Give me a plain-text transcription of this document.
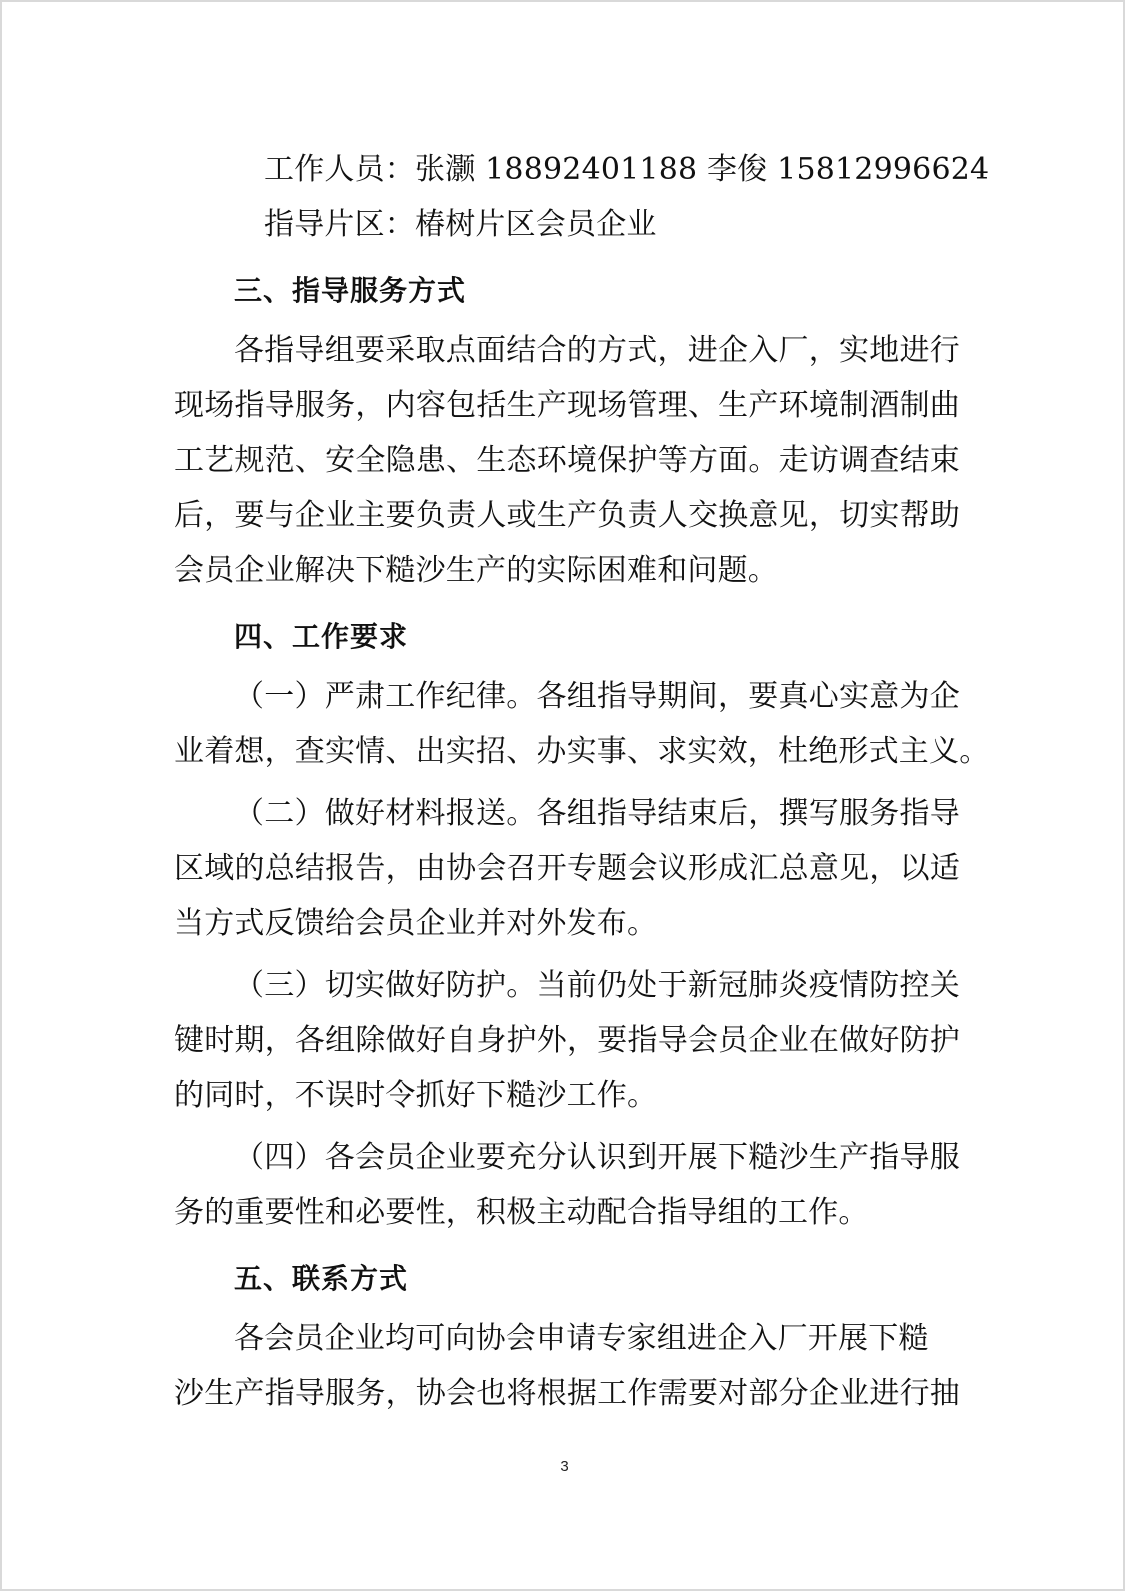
工作人员：张灏 18892401188 李俊 15812996624
指导片区：椿树片区会员企业
三、指导服务方式
各指导组要采取点面结合的方式，进企入厂，实地进行
现场指导服务，内容包括生产现场管理、生产环境制酒制曲
工艺规范、安全隐患、生态环境保护等方面。走访调查结束
后，要与企业主要负责人或生产负责人交换意见，切实帮助
会员企业解决下糙沙生产的实际困难和问题。
四、工作要求
（一）严肃工作纪律。各组指导期间，要真心实意为企
业着想，查实情、出实招、办实事、求实效，杜绝形式主义。
（二）做好材料报送。各组指导结束后，撰写服务指导
区域的总结报告，由协会召开专题会议形成汇总意见，以适
当方式反馈给会员企业并对外发布。
（三）切实做好防护。当前仍处于新冠肺炎疫情防控关
键时期，各组除做好自身护外，要指导会员企业在做好防护
的同时，不误时令抓好下糙沙工作。
（四）各会员企业要充分认识到开展下糙沙生产指导服
务的重要性和必要性，积极主动配合指导组的工作。
五、联系方式
各会员企业均可向协会申请专家组进企入厂开展下糙
沙生产指导服务，协会也将根据工作需要对部分企业进行抽
3
